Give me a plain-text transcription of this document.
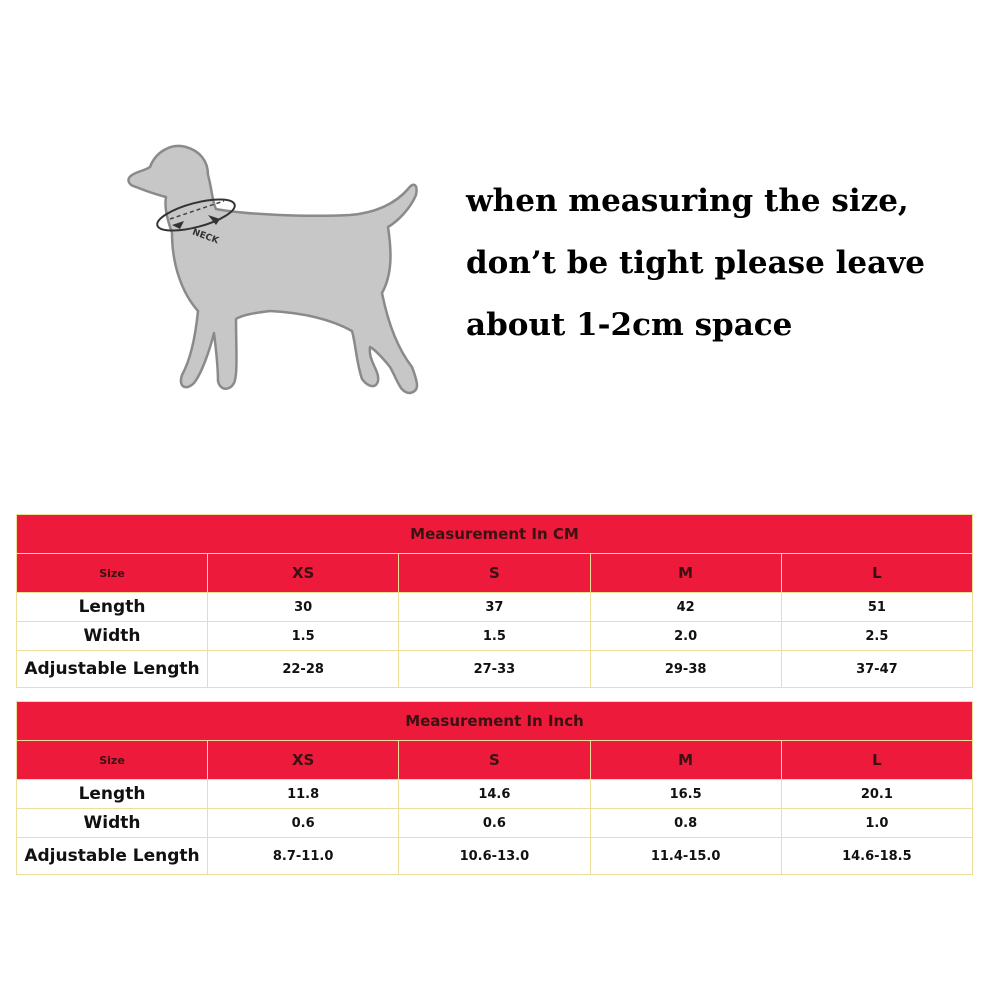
NECK
when measuring the size,
don’t be tight please leave
about 1-2cm space
Measurement In CM				
Size	XS	S	M	L
Length	30	37	42	51
Width	1.5	1.5	2.0	2.5
Adjustable Length	22-28	27-33	29-38	37-47
Measurement In Inch				
Size	XS	S	M	L
Length	11.8	14.6	16.5	20.1
Width	0.6	0.6	0.8	1.0
Adjustable Length	8.7-11.0	10.6-13.0	11.4-15.0	14.6-18.5
